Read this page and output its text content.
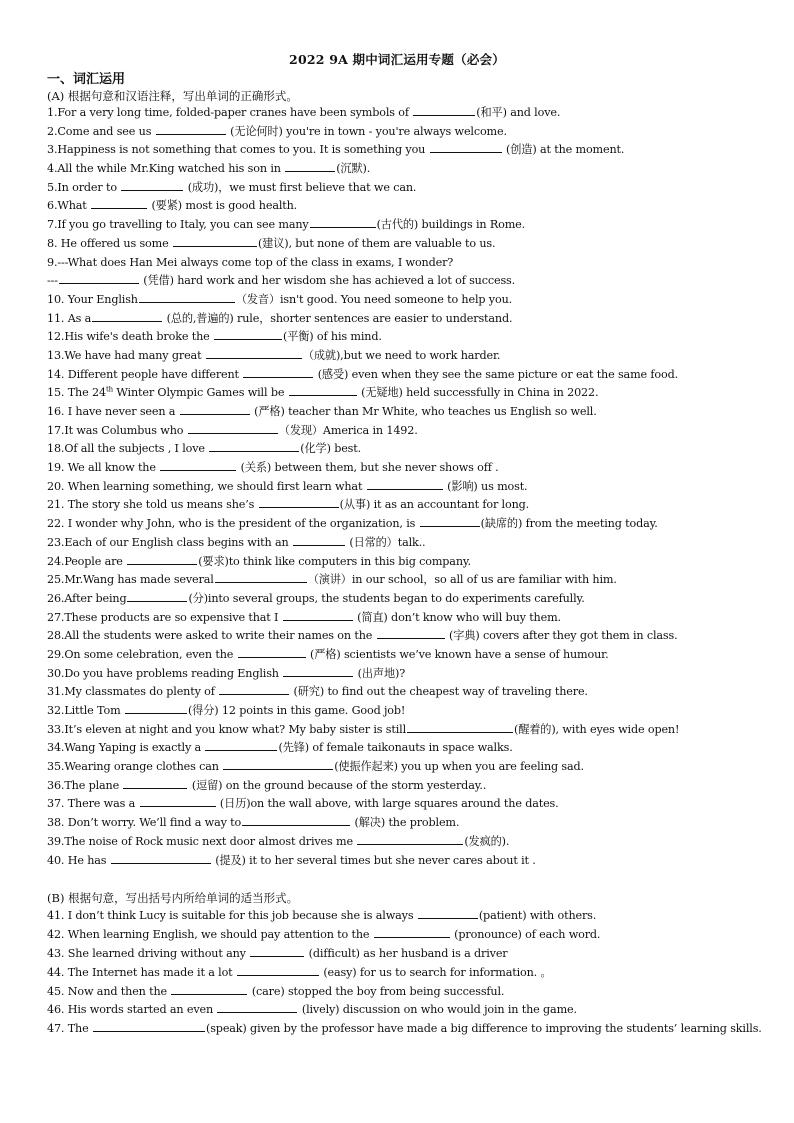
2022 9A 期中词汇运用专题（必会）
一、词汇运用
(A) 根据句意和汉语注释，写出单词的正确形式。
1.For a very long time, folded-paper cranes have been symbols of	(和平) and love.
2.Come and see us	(无论何时) you're in town - you're always welcome.
3.Happiness is not something that comes to you. It is something you	(创造) at the moment.
4.All the while Mr.King watched his son in	(沉默).
5.In order to	(成功)，we must first believe that we can.
6.What	(要紧) most is good health.
7.If you go travelling to Italy, you can see many	(古代的) buildings in Rome.
8. He offered us some	(建议), but none of them are valuable to us.
9.---What does Han Mei always come top of the class in exams, I wonder?
---	(凭借) hard work and her wisdom she has achieved a lot of success.
10. Your English	（发音）isn't good. You need someone to help you.
11. As a	(总的,普遍的) rule，shorter sentences are easier to understand.
12.His wife's death broke the	(平衡) of his mind.
13.We have had many great	（成就),but we need to work harder.
14. Different people have different	(感受) even when they see the same picture or eat the same food.
15. The 24th Winter Olympic Games will be	(无疑地) held successfully in China in 2022.
16. I have never seen a	(严格) teacher than Mr White, who teaches us English so well.
17.It was Columbus who	（发现）America in 1492.
18.Of all the subjects , I love	(化学) best.
19. We all know the	(关系) between them, but she never shows off .
20. When learning something, we should first learn what	(影响) us most.
21. The story she told us means she’s	(从事) it as an accountant for long.
22. I wonder why John, who is the president of the organization, is	(缺席的) from the meeting today.
23.Each of our English class begins with an	(日常的）talk..
24.People are	(要求)to think like computers in this big company.
25.Mr.Wang has made several	（演讲）in our school，so all of us are familiar with him.
26.After being	(分)into several groups, the students began to do experiments carefully.
27.These products are so expensive that I	(简直) don’t know who will buy them.
28.All the students were asked to write their names on the	(字典) covers after they got them in class.
29.On some celebration, even the	(严格) scientists we’ve known have a sense of humour.
30.Do you have problems reading English	(出声地)?
31.My classmates do plenty of	(研究) to find out the cheapest way of traveling there.
32.Little Tom	(得分) 12 points in this game. Good job!
33.It’s eleven at night and you know what? My baby sister is still	(醒着的), with eyes wide open!
34.Wang Yaping is exactly a	(先锋) of female taikonauts in space walks.
35.Wearing orange clothes can	(使振作起来) you up when you are feeling sad.
36.The plane	(逗留) on the ground because of the storm yesterday..
37. There was a	(日历)on the wall above, with large squares around the dates.
38. Don’t worry. We’ll find a way to	(解决) the problem.
39.The noise of Rock music next door almost drives me	(发疯的).
40. He has	(提及) it to her several times but she never cares about it .
(B) 根据句意，写出括号内所给单词的适当形式。
41. I don’t think Lucy is suitable for this job because she is always	(patient) with others.
42. When learning English, we should pay attention to the	(pronounce) of each word.
43. She learned driving without any	(difficult) as her husband is a driver
44. The Internet has made it a lot	(easy) for us to search for information. 。
45. Now and then the	(care) stopped the boy from being successful.
46. His words started an even	(lively) discussion on who would join in the game.
47. The	(speak) given by the professor have made a big difference to improving the students’ learning skills.
